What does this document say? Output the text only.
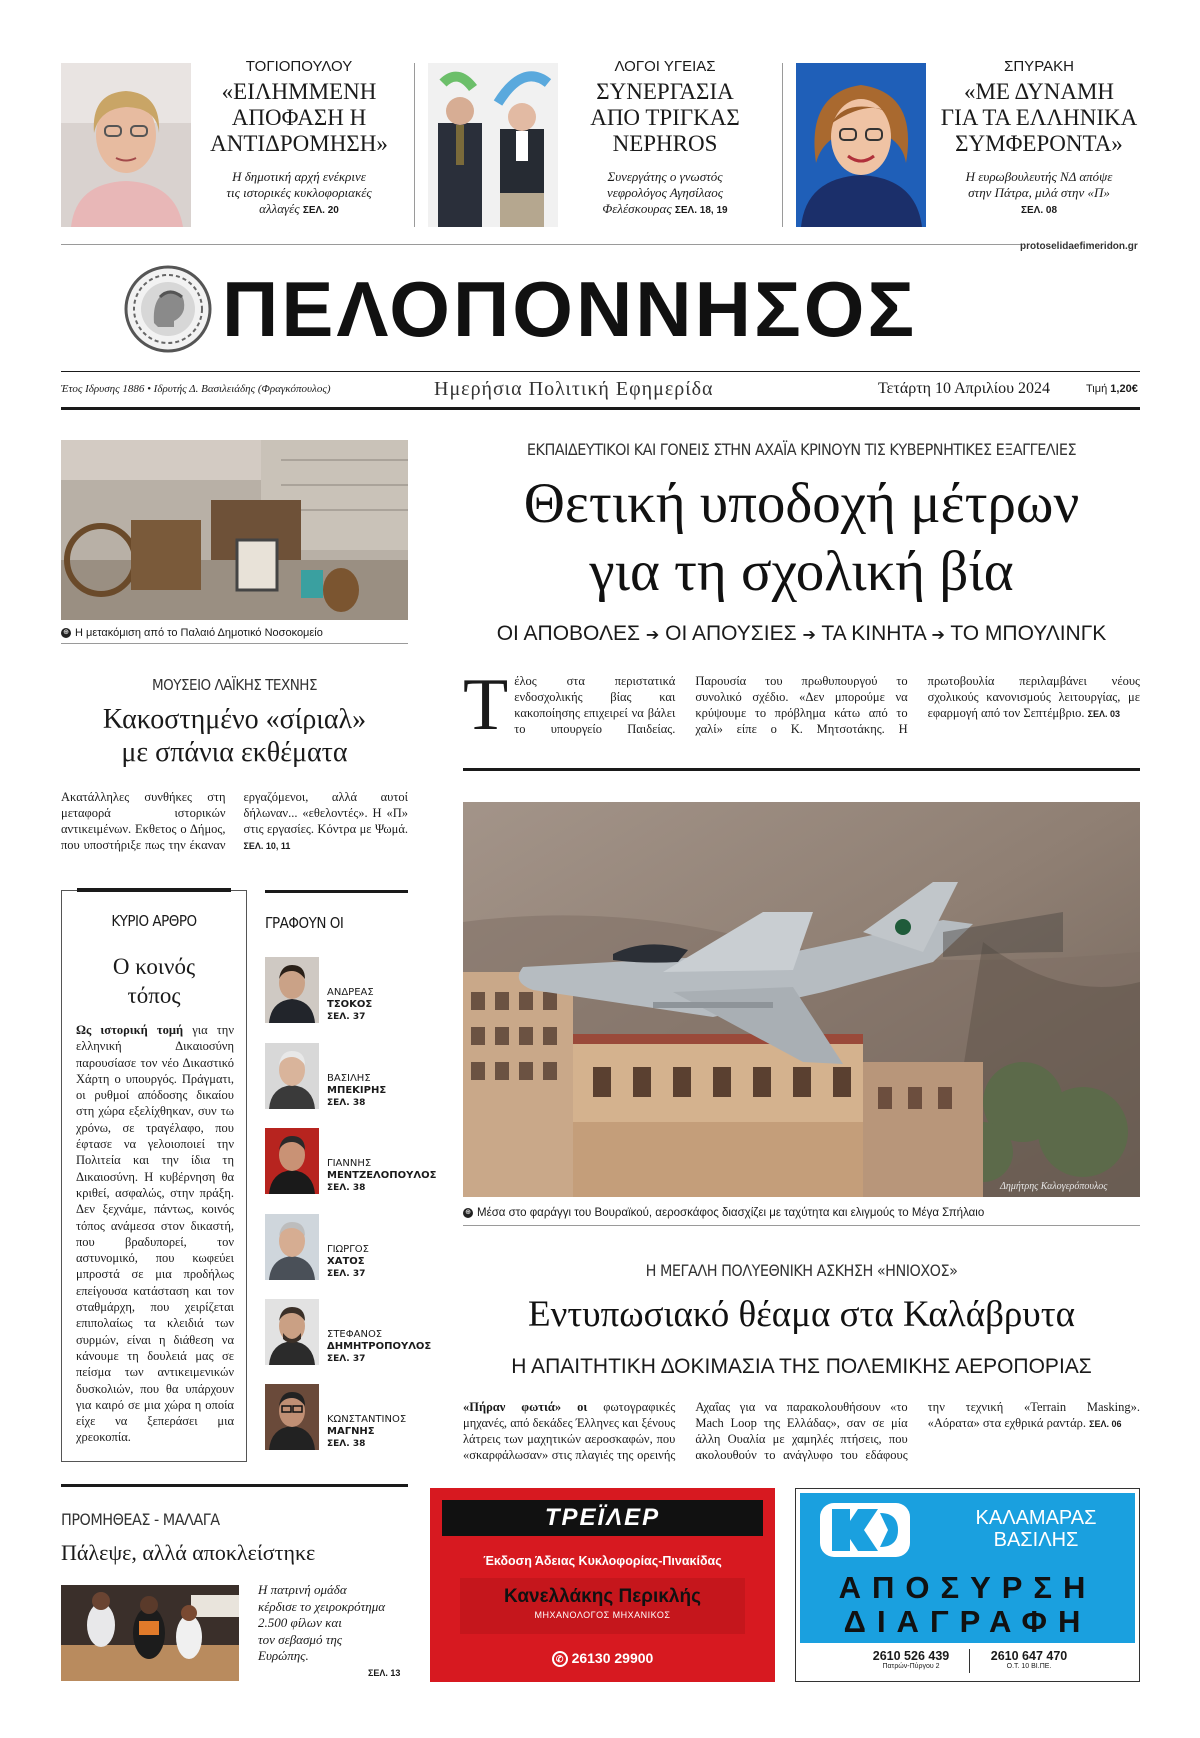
ΤΟΓΙΟΠΟΥΛΟΥ
«ΕΙΛΗΜΜΕΝΗ
ΑΠΟΦΑΣΗ Η
ΑΝΤΙΔΡΟΜΗΣΗ»
Η δημοτική αρχή ενέκρινε
τις ιστορικές κυκλοφοριακές
αλλαγές ΣΕΛ. 20
ΛΟΓΟΙ ΥΓΕΙΑΣ
ΣΥΝΕΡΓΑΣΙΑ
ΑΠΟ ΤΡΙΓΚΑΣ
NEPHROS
Συνεργάτης ο γνωστός
νεφρολόγος Αγησίλαος
Φελέσκουρας ΣΕΛ. 18, 19
ΣΠΥΡΑΚΗ
«ΜΕ ΔΥΝΑΜΗ
ΓΙΑ ΤΑ ΕΛΛΗΝΙΚΑ
ΣΥΜΦΕΡΟΝΤΑ»
Η ευρωβουλευτής ΝΔ απόψε
στην Πάτρα, μιλά στην «Π»
ΣΕΛ. 08
protoselidaefimeridon.gr
ΠΕΛΟΠΟΝΝΗΣΟΣ
Έτος Ιδρυσης 1886 • Ιδρυτής Δ. Βασιλειάδης (Φραγκόπουλος)	Ημερήσια Πολιτική Εφημερίδα	Τετάρτη 10 Απριλίου 2024	Τιμή 1,20€
⊕ Η μετακόμιση από το Παλαιό Δημοτικό Νοσοκομείο
ΜΟΥΣΕΙΟ ΛΑΪΚΗΣ ΤΕΧΝΗΣ
Κακοστημένο «σίριαλ»
με σπάνια εκθέματα
Ακατάλληλες συνθήκες στη μεταφορά ιστορικών αντικειμένων. Εκθετος ο Δήμος, που υποστήριξε πως την έκαναν εργαζόμενοι, αλλά αυτοί δήλωναν... «εθελοντές». Η «Π» στις εργασίες. Κόντρα με Ψωμά. ΣΕΛ. 10, 11
ΚΥΡΙΟ ΑΡΘΡΟ
Ο κοινός
τόπος
Ως ιστορική τομή για την ελληνική Δικαιοσύνη παρουσίασε τον νέο Δικαστικό Χάρτη ο υπουργός. Πράγματι, οι ρυθμοί απόδοσης δικαίου στη χώρα εξελίχθηκαν, συν τω χρόνω, σε τραγέλαφο, που έφτασε να γελοιοποιεί την Πολιτεία και την ίδια τη Δικαιοσύνη. Η κυβέρνηση θα κριθεί, ασφαλώς, στην πράξη. Δεν ξεχνάμε, πάντως, κοινός τόπος ανάμεσα στον δικαστή, που βραδυπορεί, τον αστυνομικό, που κωφεύει μπροστά σε μια προδήλως επείγουσα κατάσταση και τον σταθμάρχη, που χειρίζεται επιπολαίως τα κλειδιά των συρμών, είναι η διάθεση να κάνουμε τη δουλειά μας σε πείσμα των αντικειμενικών δυσκολιών, που θα υπάρχουν για καιρό σε μια χώρα η οποία είχε να ξεπεράσει μια χρεοκοπία.
ΓΡΑΦΟΥΝ ΟΙ
ΑΝΔΡΕΑΣ
ΤΣΟΚΟΣ
ΣΕΛ. 37
ΒΑΣΙΛΗΣ
ΜΠΕΚΙΡΗΣ
ΣΕΛ. 38
ΓΙΑΝΝΗΣ
ΜΕΝΤΖΕΛΟΠΟΥΛΟΣ
ΣΕΛ. 38
ΓΙΩΡΓΟΣ
ΧΑΤΟΣ
ΣΕΛ. 37
ΣΤΕΦΑΝΟΣ
ΔΗΜΗΤΡΟΠΟΥΛΟΣ
ΣΕΛ. 37
ΚΩΝΣΤΑΝΤΙΝΟΣ
ΜΑΓΝΗΣ
ΣΕΛ. 38
ΕΚΠΑΙΔΕΥΤΙΚΟΙ ΚΑΙ ΓΟΝΕΙΣ ΣΤΗΝ ΑΧΑΪΑ ΚΡΙΝΟΥΝ ΤΙΣ ΚΥΒΕΡΝΗΤΙΚΕΣ ΕΞΑΓΓΕΛΙΕΣ
Θετική υποδοχή μέτρων
για τη σχολική βία
ΟΙ ΑΠΟΒΟΛΕΣ ➔ ΟΙ ΑΠΟΥΣΙΕΣ ➔ ΤΑ ΚΙΝΗΤΑ ➔ ΤΟ ΜΠΟΥΛΙΝΓΚ
Τέλος στα περιστατικά ενδοσχολικής βίας και κακοποίησης επιχειρεί να βάλει το υπουργείο Παιδείας. Παρουσία του πρωθυπουργού το συνολικό σχέδιο. «Δεν μπορούμε να κρύψουμε το πρόβλημα κάτω από το χαλί» είπε ο Κ. Μητσοτάκης. Η πρωτοβουλία περιλαμβάνει νέους σχολικούς κανονισμούς λειτουργίας, με εφαρμογή από τον Σεπτέμβριο. ΣΕΛ. 03
Δημήτρης Καλογερόπουλος
⊕ Μέσα στο φαράγγι του Βουραϊκού, αεροσκάφος διασχίζει με ταχύτητα και ελιγμούς το Μέγα Σπήλαιο
Η ΜΕΓΑΛΗ ΠΟΛΥΕΘΝΙΚΗ ΑΣΚΗΣΗ «ΗΝΙΟΧΟΣ»
Εντυπωσιακό θέαμα στα Καλάβρυτα
Η ΑΠΑΙΤΗΤΙΚΗ ΔΟΚΙΜΑΣΙΑ ΤΗΣ ΠΟΛΕΜΙΚΗΣ ΑΕΡΟΠΟΡΙΑΣ
«Πήραν φωτιά» οι φωτογραφικές μηχανές, από δεκάδες Έλληνες και ξένους λάτρεις των μαχητικών αεροσκαφών, που «σκαρφάλωσαν» στις πλαγιές της ορεινής Αχαΐας για να παρακολουθήσουν «το Mach Loop της Ελλάδας», σαν σε μία άλλη Ουαλία με χαμηλές πτήσεις, που ακολουθούν το ανάγλυφο του εδάφους την τεχνική «Terrain Masking». «Αόρατα» στα εχθρικά ραντάρ. ΣΕΛ. 06
ΠΡΟΜΗΘΕΑΣ - ΜΑΛΑΓΑ
Πάλεψε, αλλά αποκλείστηκε
Η πατρινή ομάδα
κέρδισε το χειροκρότημα
2.500 φίλων και
τον σεβασμό της
Ευρώπης.
ΣΕΛ. 13
ΤΡΕΪΛΕΡ
Έκδοση Άδειας Κυκλοφορίας-Πινακίδας
Κανελλάκης Περικλής
ΜΗΧΑΝΟΛΟΓΟΣ ΜΗΧΑΝΙΚΟΣ
✆ 26130 29900
ΚΑΛΑΜΑΡΑΣ
ΒΑΣΙΛΗΣ
ΑΠΟΣΥΡΣΗ
ΔΙΑΓΡΑΦΗ
2610 526 439
Πατρών-Πύργου 2
2610 647 470
Ο.Τ. 10 ΒΙ.ΠΕ.
